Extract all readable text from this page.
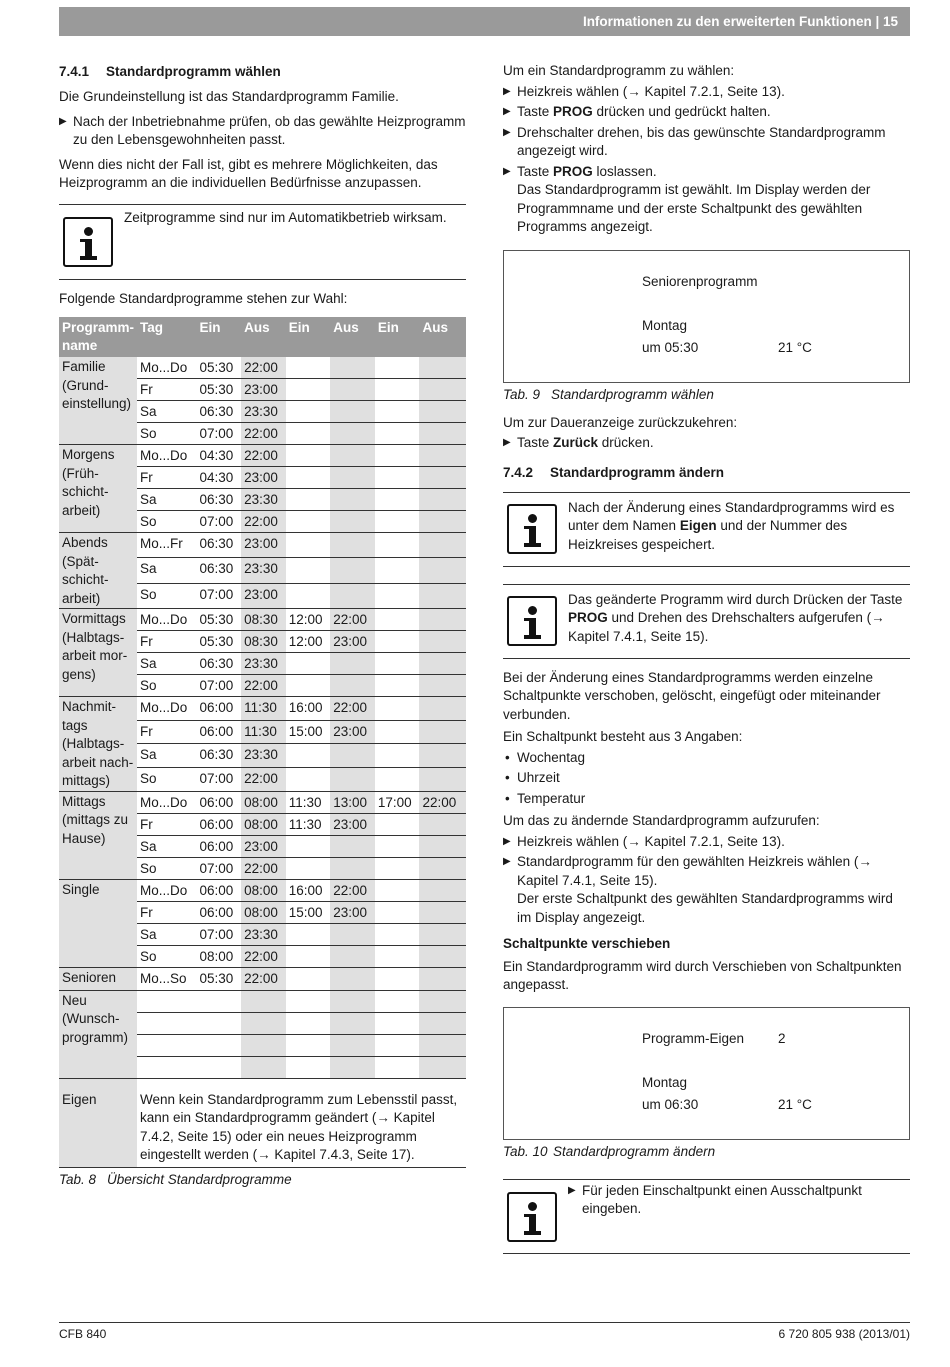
Informationen zu den erweiterten Funktionen | 15
7.4.1 Standardprogramm wählen

Die Grundeinstellung ist das Standardprogramm Familie.

▶ Nach der Inbetriebnahme prüfen, ob das gewählte Heizprogramm zu den Lebensgewohnheiten passt.

Wenn dies nicht der Fall ist, gibt es mehrere Möglichkeiten, das Heizprogramm an die individuellen Bedürfnisse anzupassen.

Zeitprogramme sind nur im Automatikbetrieb wirksam.

Folgende Standardprogramme stehen zur Wahl:

Programm-name	Tag	Ein	Aus	Ein	Aus	Ein	Aus
Familie (Grund-einstellung)	Mo...Do	05:30	22:00				
	Fr	05:30	23:00				
	Sa	06:30	23:30				
	So	07:00	22:00				
Morgens (Früh-schicht-arbeit)	Mo...Do	04:30	22:00				
	Fr	04:30	23:00				
	Sa	06:30	23:30				
	So	07:00	22:00				
Abends (Spät-schicht-arbeit)	Mo...Fr	06:30	23:00				
	Sa	06:30	23:30				
	So	07:00	23:00				
Vormittags (Halbtags-arbeit mor-gens)	Mo...Do	05:30	08:30	12:00	22:00		
	Fr	05:30	08:30	12:00	23:00		
	Sa	06:30	23:30				
	So	07:00	22:00				
Nachmit-tags (Halbtags-arbeit nach-mittags)	Mo...Do	06:00	11:30	16:00	22:00		
	Fr	06:00	11:30	15:00	23:00		
	Sa	06:30	23:30				
	So	07:00	22:00				
Mittags (mittags zu Hause)	Mo...Do	06:00	08:00	11:30	13:00	17:00	22:00
	Fr	06:00	08:00	11:30	23:00		
	Sa	06:00	23:00				
	So	07:00	22:00				
Single	Mo...Do	06:00	08:00	16:00	22:00		
	Fr	06:00	08:00	15:00	23:00		
	Sa	07:00	23:30				
	So	08:00	22:00				
Senioren	Mo...So	05:30	22:00				
Neu (Wunsch-programm)							

Eigen	Wenn kein Standardprogramm zum Lebensstil passt, kann ein Standardprogramm geändert (→ Kapitel 7.4.2, Seite 15) oder ein neues Heizprogramm eingestellt werden (→ Kapitel 7.4.3, Seite 17).						
Tab. 8 Übersicht Standardprogramme

Um ein Standardprogramm zu wählen:

▶ Heizkreis wählen (→ Kapitel 7.2.1, Seite 13).
▶ Taste PROG drücken und gedrückt halten.
▶ Drehschalter drehen, bis das gewünschte Standardprogramm angezeigt wird.
▶ Taste PROG loslassen.
Das Standardprogramm ist gewählt. Im Display werden der Programmname und der erste Schaltpunkt des gewählten Programms angezeigt.
Seniorenprogramm
Montag
um 05:30	21 °C
Tab. 9 Standardprogramm wählen

Um zur Daueranzeige zurückzukehren:

▶ Taste Zurück drücken.
7.4.2 Standardprogramm ändern
Nach der Änderung eines Standardprogramms wird es unter dem Namen Eigen und der Nummer des Heizkreises gespeichert.
Das geänderte Programm wird durch Drücken der Taste PROG und Drehen des Drehschalters aufgerufen (→ Kapitel 7.4.1, Seite 15).

Bei der Änderung eines Standardprogramms werden einzelne Schaltpunkte verschoben, gelöscht, eingefügt oder miteinander verbunden.

Ein Schaltpunkt besteht aus 3 Angaben:

• Wochentag
• Uhrzeit
• Temperatur

Um das zu ändernde Standardprogramm aufzurufen:

▶ Heizkreis wählen (→ Kapitel 7.2.1, Seite 13).
▶ Standardprogramm für den gewählten Heizkreis wählen (→ Kapitel 7.4.1, Seite 15).
Der erste Schaltpunkt des gewählten Standardprogramms wird im Display angezeigt.

Schaltpunkte verschieben

Ein Standardprogramm wird durch Verschieben von Schaltpunkten angepasst.

Programm-Eigen	2
Montag
um 06:30	21 °C
Tab. 10 Standardprogramm ändern
▶ Für jeden Einschaltpunkt einen Ausschaltpunkt eingeben.
CFB 840	6 720 805 938 (2013/01)
